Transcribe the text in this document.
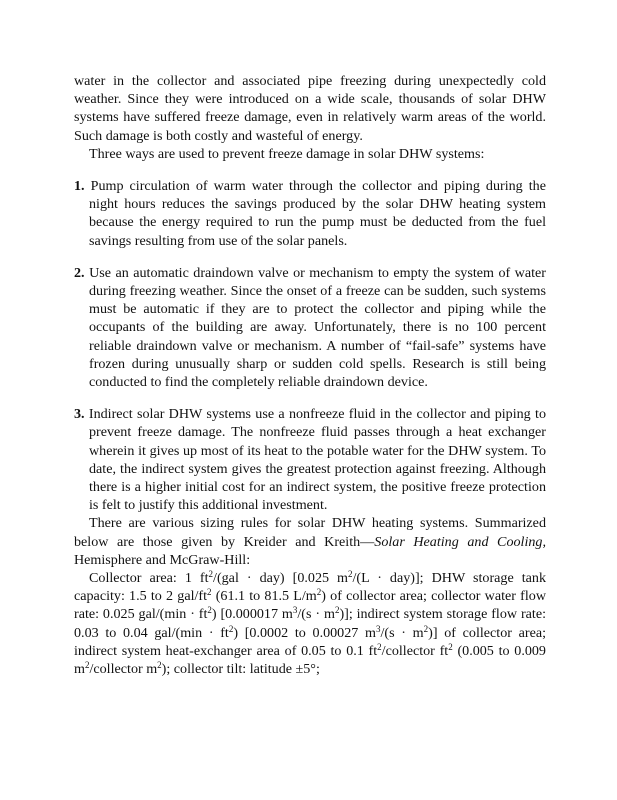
water in the collector and associated pipe freezing during unexpectedly cold weather. Since they were introduced on a wide scale, thousands of solar DHW systems have suffered freeze damage, even in relatively warm areas of the world. Such damage is both costly and wasteful of energy.
Three ways are used to prevent freeze damage in solar DHW systems:
1. Pump circulation of warm water through the collector and piping during the night hours reduces the savings produced by the solar DHW heating system because the energy required to run the pump must be deducted from the fuel savings resulting from use of the solar panels.
2. Use an automatic draindown valve or mechanism to empty the system of water during freezing weather. Since the onset of a freeze can be sudden, such systems must be automatic if they are to protect the collector and piping while the occupants of the building are away. Unfortunately, there is no 100 percent reliable draindown valve or mechanism. A number of “fail-safe” systems have frozen during unusually sharp or sudden cold spells. Research is still being conducted to find the completely reliable draindown device.
3. Indirect solar DHW systems use a nonfreeze fluid in the collector and piping to prevent freeze damage. The nonfreeze fluid passes through a heat exchanger wherein it gives up most of its heat to the potable water for the DHW system. To date, the indirect system gives the greatest protection against freezing. Although there is a higher initial cost for an indirect system, the positive freeze protection is felt to justify this additional investment.
There are various sizing rules for solar DHW heating systems. Summarized below are those given by Kreider and Kreith—Solar Heating and Cooling, Hemisphere and McGraw-Hill:
Collector area: 1 $ft^2/(gal \cdot day)$ [0.025 $m^2/(L \cdot day)$]; DHW storage tank capacity: 1.5 to 2 gal/$ft^2$ (61.1 to 81.5 $L/m^2$) of collector area; collector water flow rate: 0.025 $gal/(\min \cdot ft^2)$ [0.000017 $m^3/(s \cdot m^2)$]; indirect system storage flow rate: 0.03 to 0.04 $gal/(\min \cdot ft^2)$ [0.0002 to 0.00027 $m^3/(s \cdot m^2)$] of collector area; indirect system heat-exchanger area of 0.05 to 0.1 $ft^2$/collector $ft^2$ (0.005 to 0.009 $m^2$/collector $m^2$); collector tilt: latitude ±5°;
